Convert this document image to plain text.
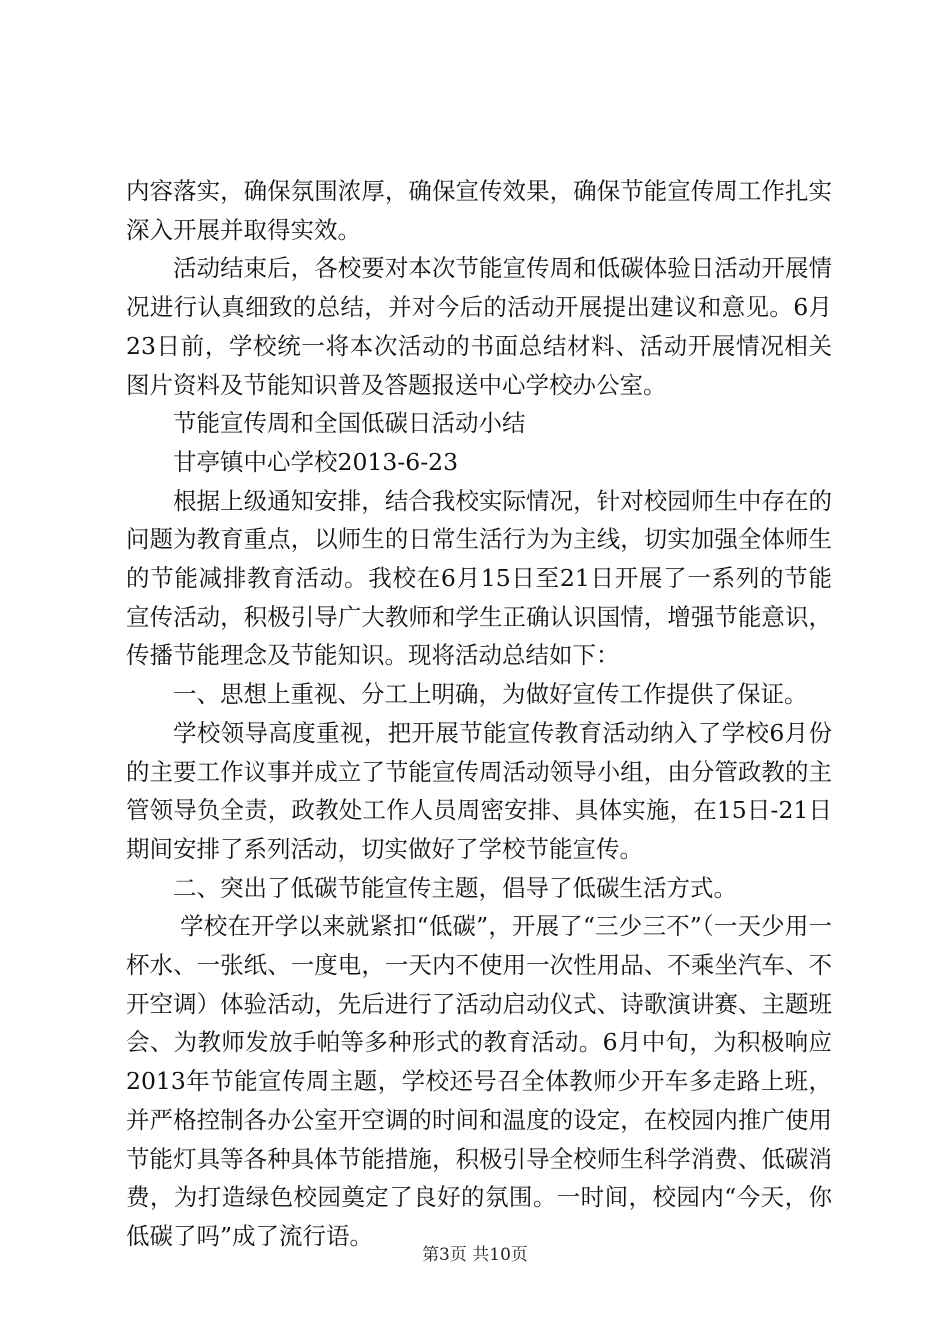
内容落实，确保氛围浓厚，确保宣传效果，确保节能宣传周工作扎实深入开展并取得实效。

活动结束后，各校要对本次节能宣传周和低碳体验日活动开展情况进行认真细致的总结，并对今后的活动开展提出建议和意见。6月23日前，学校统一将本次活动的书面总结材料、活动开展情况相关图片资料及节能知识普及答题报送中心学校办公室。

节能宣传周和全国低碳日活动小结

甘亭镇中心学校2013-6-23

根据上级通知安排，结合我校实际情况，针对校园师生中存在的问题为教育重点，以师生的日常生活行为为主线，切实加强全体师生的节能减排教育活动。我校在6月15日至21日开展了一系列的节能宣传活动，积极引导广大教师和学生正确认识国情，增强节能意识，传播节能理念及节能知识。现将活动总结如下：

一、思想上重视、分工上明确，为做好宣传工作提供了保证。

学校领导高度重视，把开展节能宣传教育活动纳入了学校6月份的主要工作议事并成立了节能宣传周活动领导小组，由分管政教的主管领导负全责，政教处工作人员周密安排、具体实施，在15日-21日期间安排了系列活动，切实做好了学校节能宣传。

二、突出了低碳节能宣传主题，倡导了低碳生活方式。

学校在开学以来就紧扣“低碳”，开展了“三少三不”（一天少用一杯水、一张纸、一度电，一天内不使用一次性用品、不乘坐汽车、不开空调）体验活动，先后进行了活动启动仪式、诗歌演讲赛、主题班会、为教师发放手帕等多种形式的教育活动。6月中旬，为积极响应2013年节能宣传周主题，学校还号召全体教师少开车多走路上班，并严格控制各办公室开空调的时间和温度的设定，在校园内推广使用节能灯具等各种具体节能措施，积极引导全校师生科学消费、低碳消费，为打造绿色校园奠定了良好的氛围。一时间，校园内“今天，你低碳了吗”成了流行语。

第3页 共10页
